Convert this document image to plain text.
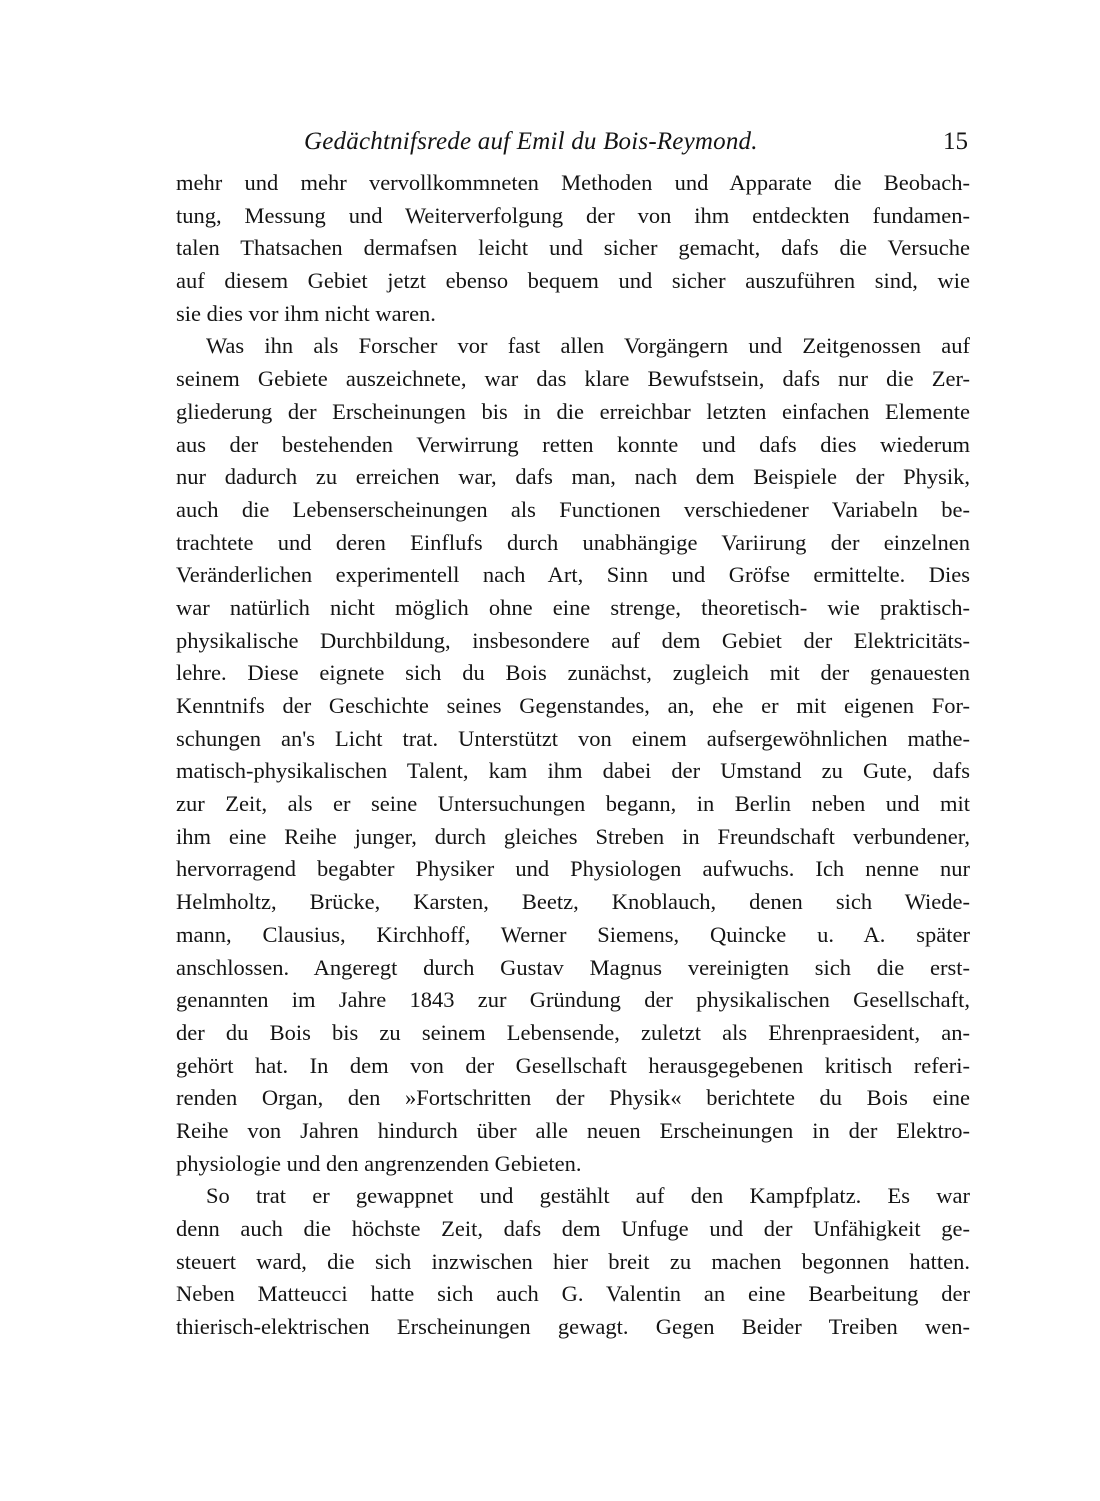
Gedächtnifsrede auf Emil du Bois-Reymond.	15
mehr und mehr vervollkommneten Methoden und Apparate die Beobach-
tung, Messung und Weiterverfolgung der von ihm entdeckten fundamen-
talen Thatsachen dermafsen leicht und sicher gemacht, dafs die Versuche
auf diesem Gebiet jetzt ebenso bequem und sicher auszuführen sind, wie
sie dies vor ihm nicht waren.
Was ihn als Forscher vor fast allen Vorgängern und Zeitgenossen auf
seinem Gebiete auszeichnete, war das klare Bewufstsein, dafs nur die Zer-
gliederung der Erscheinungen bis in die erreichbar letzten einfachen Elemente
aus der bestehenden Verwirrung retten konnte und dafs dies wiederum
nur dadurch zu erreichen war, dafs man, nach dem Beispiele der Physik,
auch die Lebenserscheinungen als Functionen verschiedener Variabeln be-
trachtete und deren Einflufs durch unabhängige Variirung der einzelnen
Veränderlichen experimentell nach Art, Sinn und Gröfse ermittelte. Dies
war natürlich nicht möglich ohne eine strenge, theoretisch- wie praktisch-
physikalische Durchbildung, insbesondere auf dem Gebiet der Elektricitäts-
lehre. Diese eignete sich du Bois zunächst, zugleich mit der genauesten
Kenntnifs der Geschichte seines Gegenstandes, an, ehe er mit eigenen For-
schungen an's Licht trat. Unterstützt von einem aufsergewöhnlichen mathe-
matisch-physikalischen Talent, kam ihm dabei der Umstand zu Gute, dafs
zur Zeit, als er seine Untersuchungen begann, in Berlin neben und mit
ihm eine Reihe junger, durch gleiches Streben in Freundschaft verbundener,
hervorragend begabter Physiker und Physiologen aufwuchs. Ich nenne nur
Helmholtz, Brücke, Karsten, Beetz, Knoblauch, denen sich Wiede-
mann, Clausius, Kirchhoff, Werner Siemens, Quincke u. A. später
anschlossen. Angeregt durch Gustav Magnus vereinigten sich die erst-
genannten im Jahre 1843 zur Gründung der physikalischen Gesellschaft,
der du Bois bis zu seinem Lebensende, zuletzt als Ehrenpraesident, an-
gehört hat. In dem von der Gesellschaft herausgegebenen kritisch referi-
renden Organ, den »Fortschritten der Physik« berichtete du Bois eine
Reihe von Jahren hindurch über alle neuen Erscheinungen in der Elektro-
physiologie und den angrenzenden Gebieten.
So trat er gewappnet und gestählt auf den Kampfplatz. Es war
denn auch die höchste Zeit, dafs dem Unfuge und der Unfähigkeit ge-
steuert ward, die sich inzwischen hier breit zu machen begonnen hatten.
Neben Matteucci hatte sich auch G. Valentin an eine Bearbeitung der
thierisch-elektrischen Erscheinungen gewagt. Gegen Beider Treiben wen-
